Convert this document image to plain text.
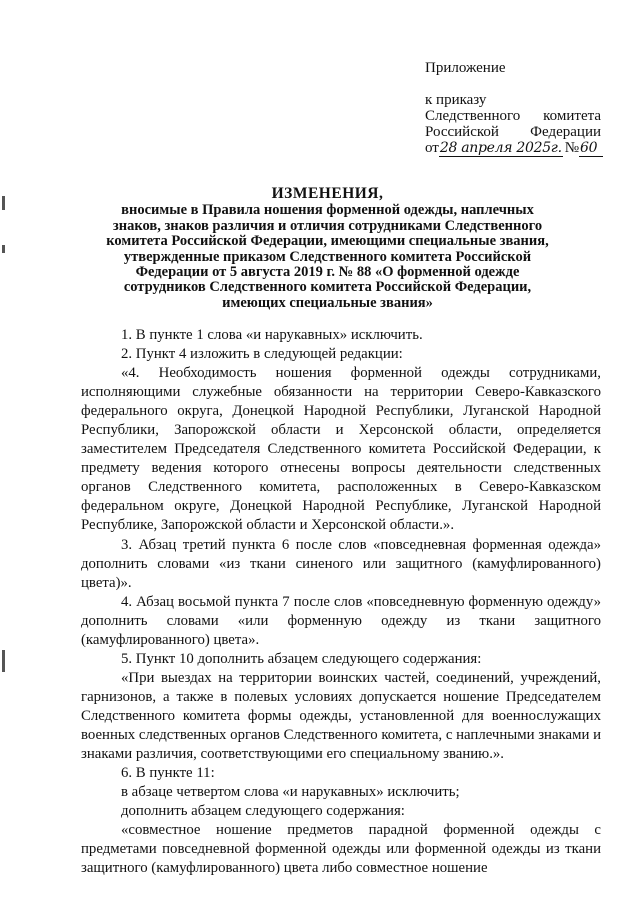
Приложение
к приказу
Следственного комитета
Российской Федерации
от 28 апреля 2025г. № 60
ИЗМЕНЕНИЯ,
вносимые в Правила ношения форменной одежды, наплечных знаков, знаков различия и отличия сотрудниками Следственного комитета Российской Федерации, имеющими специальные звания, утвержденные приказом Следственного комитета Российской Федерации от 5 августа 2019 г. № 88 «О форменной одежде сотрудников Следственного комитета Российской Федерации, имеющих специальные звания»

1. В пункте 1 слова «и нарукавных» исключить.

2. Пункт 4 изложить в следующей редакции:

«4. Необходимость ношения форменной одежды сотрудниками, исполняющими служебные обязанности на территории Северо-Кавказского федерального округа, Донецкой Народной Республики, Луганской Народной Республики, Запорожской области и Херсонской области, определяется заместителем Председателя Следственного комитета Российской Федерации, к предмету ведения которого отнесены вопросы деятельности следственных органов Следственного комитета, расположенных в Северо-Кавказском федеральном округе, Донецкой Народной Республике, Луганской Народной Республике, Запорожской области и Херсонской области.».

3. Абзац третий пункта 6 после слов «повседневная форменная одежда» дополнить словами «из ткани синеного или защитного (камуфлированного) цвета)».

4. Абзац восьмой пункта 7 после слов «повседневную форменную одежду» дополнить словами «или форменную одежду из ткани защитного (камуфлированного) цвета».

5. Пункт 10 дополнить абзацем следующего содержания:

«При выездах на территории воинских частей, соединений, учреждений, гарнизонов, а также в полевых условиях допускается ношение Председателем Следственного комитета формы одежды, установленной для военнослужащих военных следственных органов Следственного комитета, с наплечными знаками и знаками различия, соответствующими его специальному званию.».

6. В пункте 11:

в абзаце четвертом слова «и нарукавных» исключить;

дополнить абзацем следующего содержания:

«совместное ношение предметов парадной форменной одежды с предметами повседневной форменной одежды или форменной одежды из ткани защитного (камуфлированного) цвета либо совместное ношение
